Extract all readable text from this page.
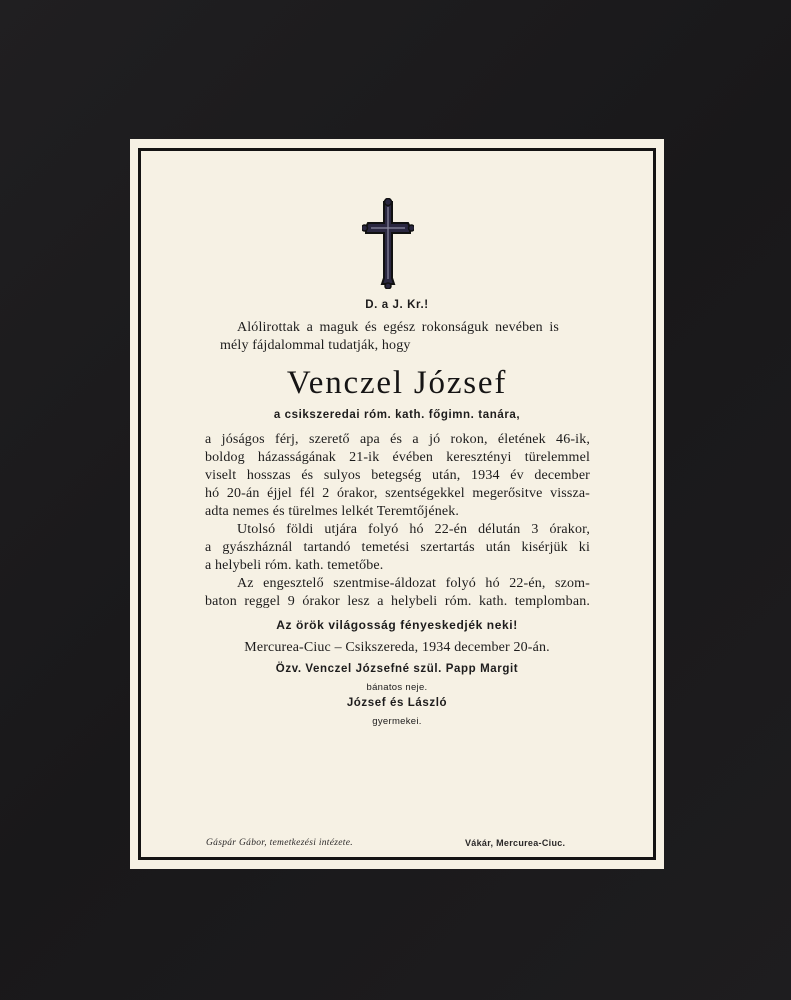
D. a J. Kr.!
Alólirottak a maguk és egész rokonságuk nevében is
mély fájdalommal tudatják, hogy
Venczel József
a csikszeredai róm. kath. főgimn. tanára,
a jóságos férj, szerető apa és a jó rokon, életének 46-ik,
boldog házasságának 21-ik évében keresztényi türelemmel
viselt hosszas és sulyos betegség után, 1934 év december
hó 20-án éjjel fél 2 órakor, szentségekkel megerősitve vissza-
adta nemes és türelmes lelkét Teremtőjének.
Utolsó földi utjára folyó hó 22-én délután 3 órakor,
a gyászháznál tartandó temetési szertartás után kisérjük ki
a helybeli róm. kath. temetőbe.
Az engesztelő szentmise-áldozat folyó hó 22-én, szom-
baton reggel 9 órakor lesz a helybeli róm. kath. templomban.
Az örök világosság fényeskedjék neki!
Mercurea-Ciuc – Csikszereda, 1934 december 20-án.
Özv. Venczel Józsefné szül. Papp Margit
bánatos neje.
József és László
gyermekei.
Gáspár Gábor, temetkezési intézete.	Vákár, Mercurea-Ciuc.
